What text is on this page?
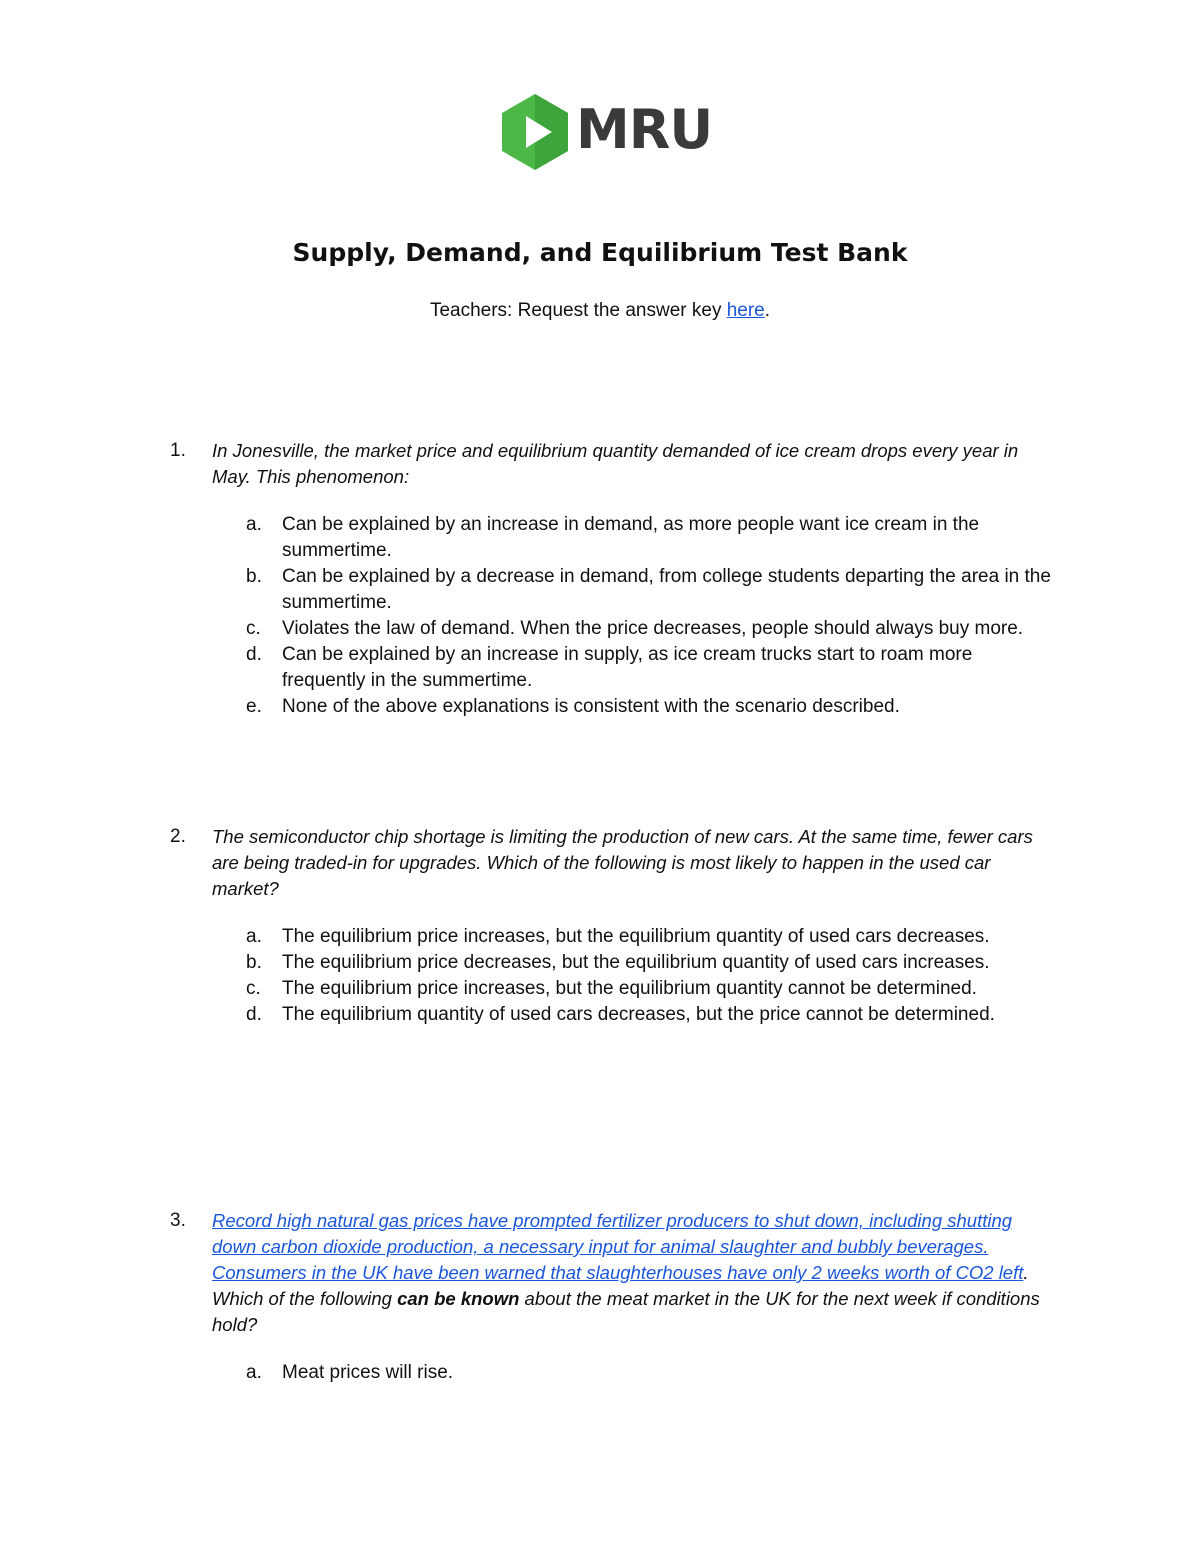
MRU
Supply, Demand, and Equilibrium Test Bank
Teachers: Request the answer key here.
1. In Jonesville, the market price and equilibrium quantity demanded of ice cream drops every year in May. This phenomenon:
a. Can be explained by an increase in demand, as more people want ice cream in the summertime.
b. Can be explained by a decrease in demand, from college students departing the area in the summertime.
c. Violates the law of demand. When the price decreases, people should always buy more.
d. Can be explained by an increase in supply, as ice cream trucks start to roam more frequently in the summertime.
e. None of the above explanations is consistent with the scenario described.
2. The semiconductor chip shortage is limiting the production of new cars. At the same time, fewer cars are being traded-in for upgrades. Which of the following is most likely to happen in the used car market?
a. The equilibrium price increases, but the equilibrium quantity of used cars decreases.
b. The equilibrium price decreases, but the equilibrium quantity of used cars increases.
c. The equilibrium price increases, but the equilibrium quantity cannot be determined.
d. The equilibrium quantity of used cars decreases, but the price cannot be determined.
3. Record high natural gas prices have prompted fertilizer producers to shut down, including shutting down carbon dioxide production, a necessary input for animal slaughter and bubbly beverages. Consumers in the UK have been warned that slaughterhouses have only 2 weeks worth of CO2 left. Which of the following can be known about the meat market in the UK for the next week if conditions hold?
a. Meat prices will rise.
